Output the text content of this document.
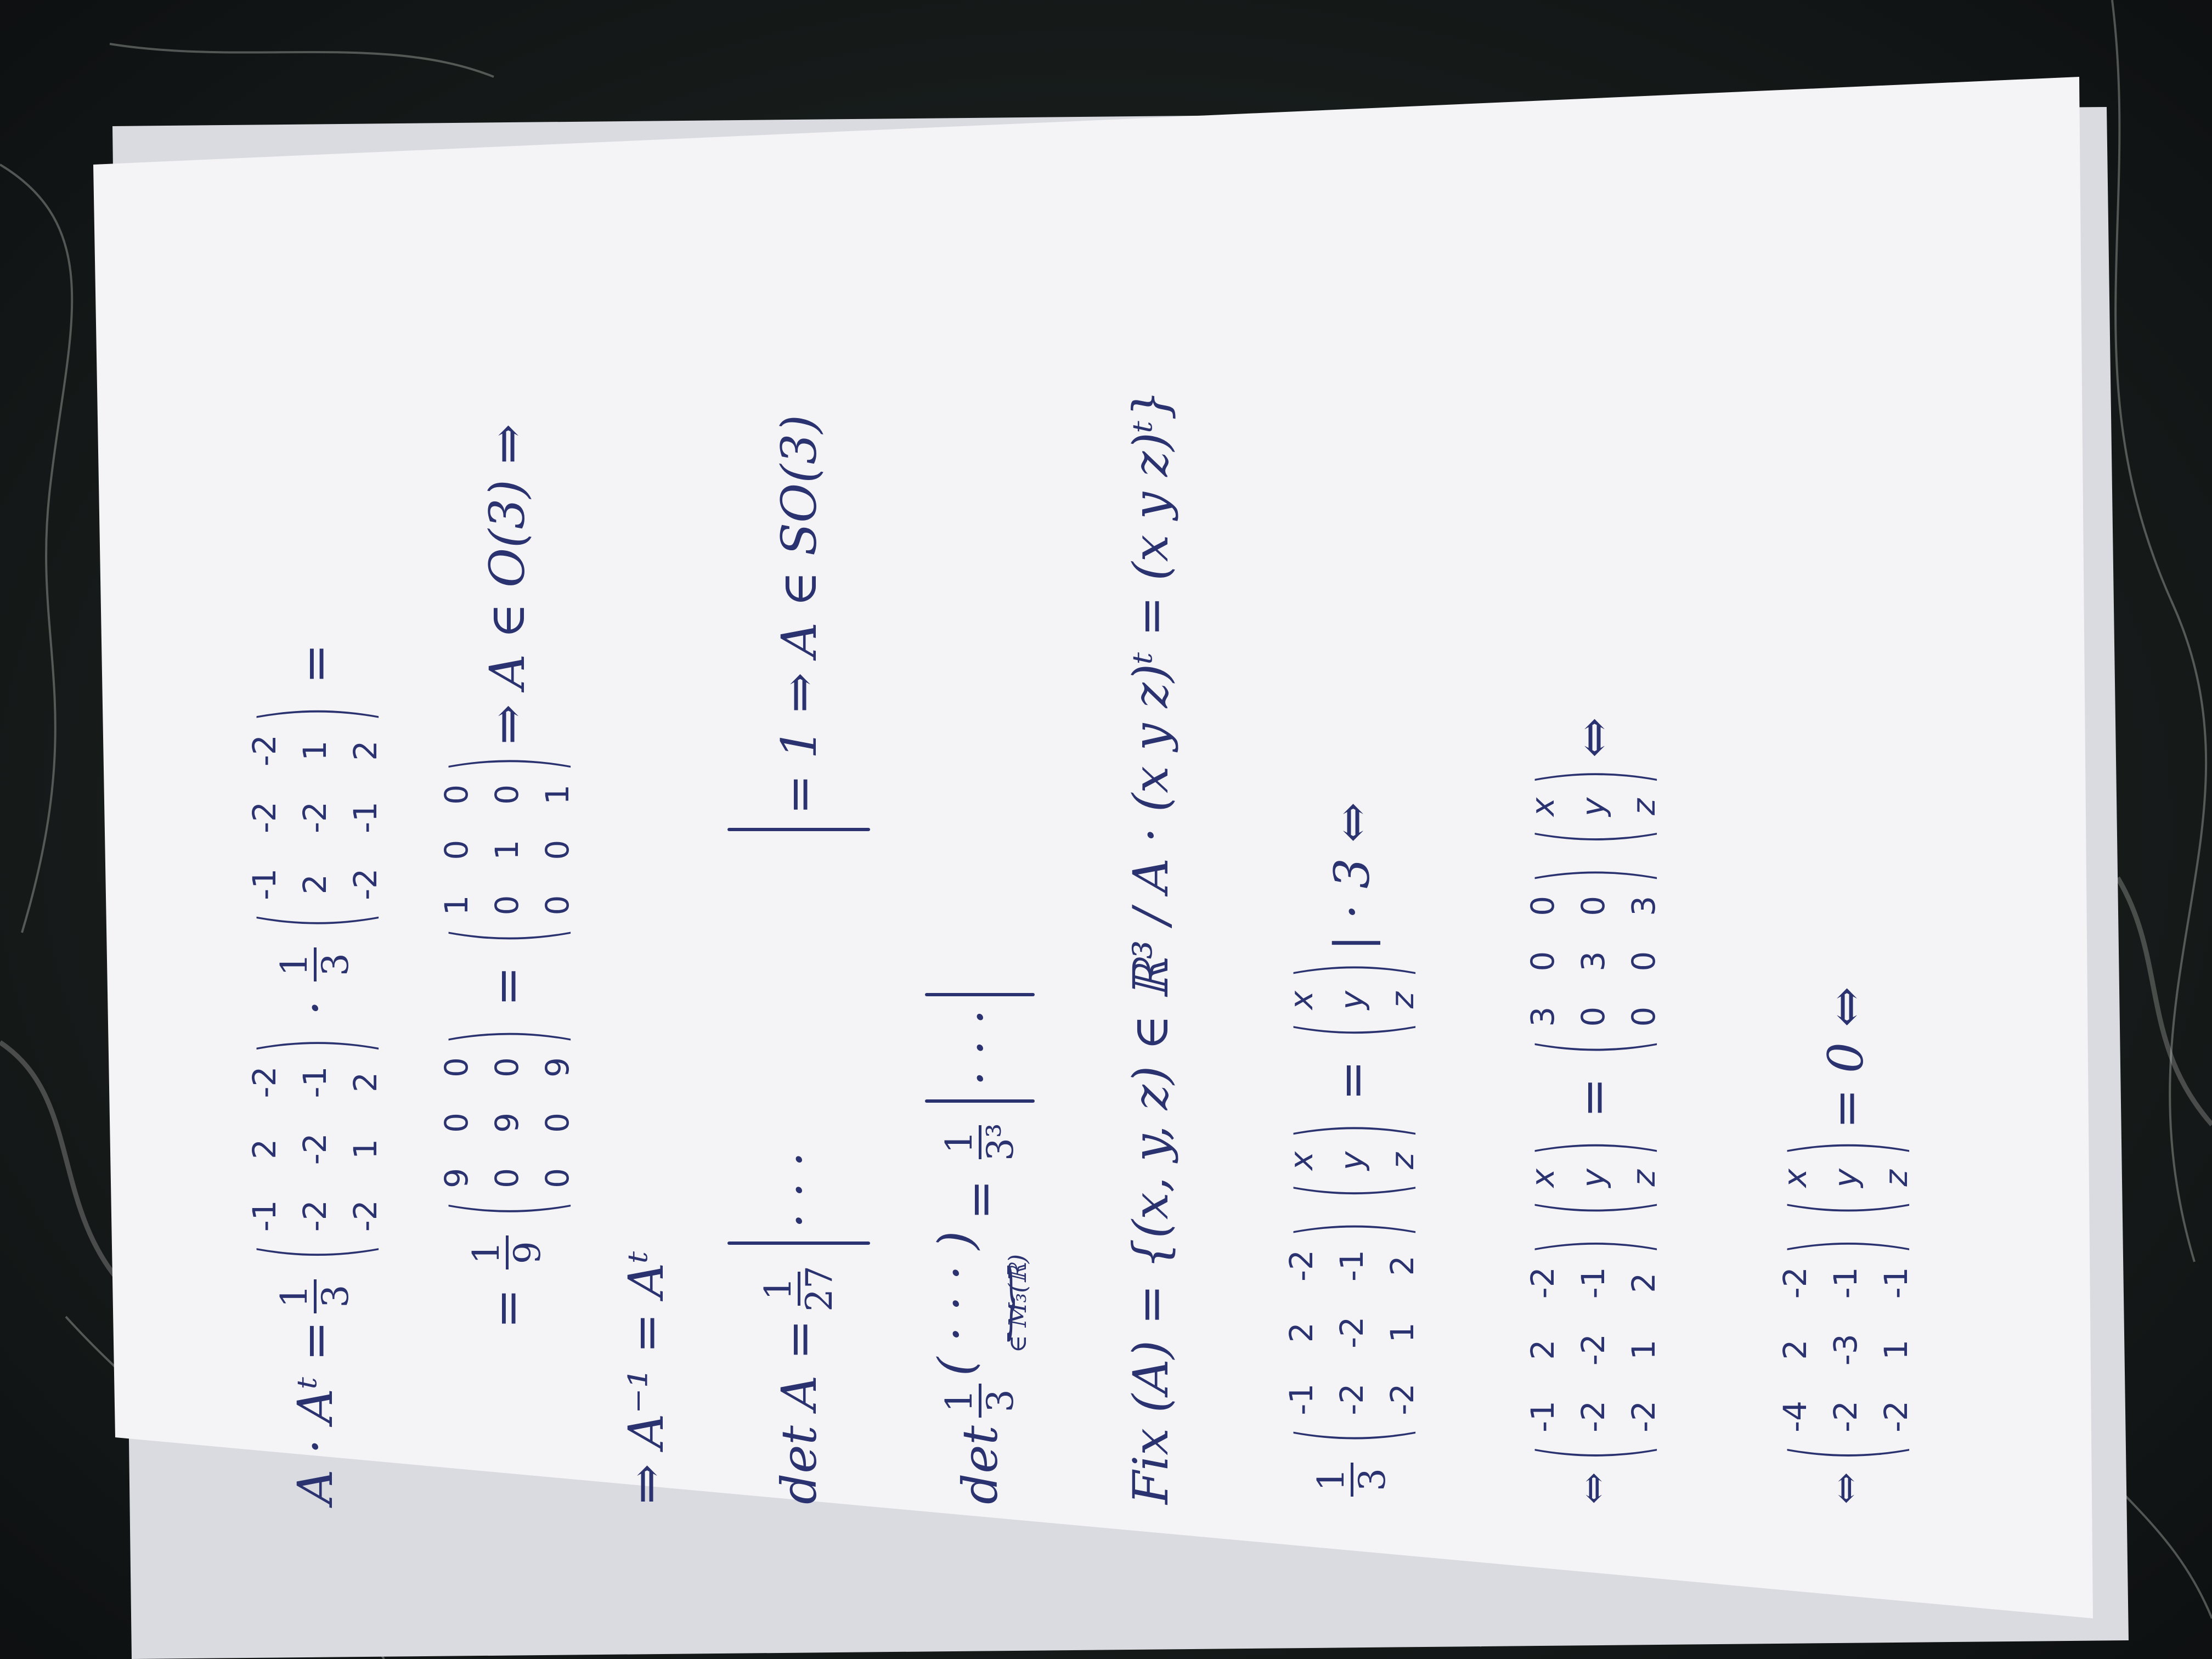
A · Aᵗ =
1
3
(
-1
2
-2
-2
-2
-1
-2
1
2
)
·
1
3
(
-1
-2
-2
2
-2
1
-2
-1
2
)
=
=
1
9
(
9
0
0
0
9
0
0
0
9
)
=
(
1
0
0
0
1
0
0
0
1
)
⇒ A ∈ O(3) ⇒
⇒ A⁻¹ = Aᵗ det A =
1
27
· · ·
= 1 ⇒ A ∈ SO(3)
det
1
3
( · · · )
⏟
∈ M₃(ℝ)
=
1
3³
· · · Fix (A) = {(x, y, z) ∈ ℝ³ / A · (x y z)ᵗ = (x y z)ᵗ}	1
3
(
-1
2
-2
-2
-2
-1
-2
1
2
)
(
x y z
)
=
(
x y z
)
| · 3 ⇔
⇔
(
-1
2
-2
-2
-2
-1
-2
1
2
)
(
x y z
)
=
(
3
0
0
0
3
0
0
0
3
)
(
x y z
)
⇔
⇔
(
-4
2
-2
-2
-3
-1
-2
1
-1
)
(
x y z
)
= 0 ⇔
